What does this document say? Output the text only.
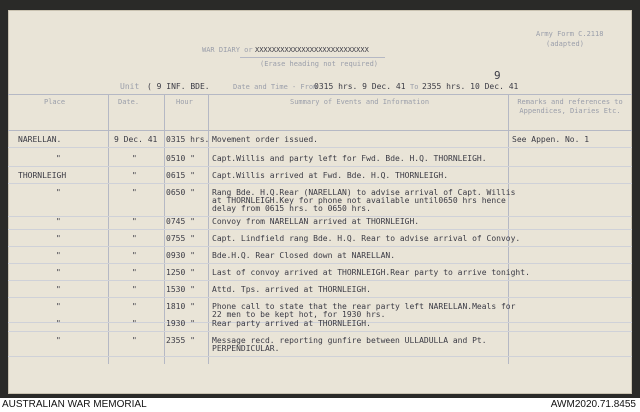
Army Form C.2118
(adapted)
WAR DIARY or XXXXXXXXXXXXXXXXXXXXXXXXXXX
(Erase heading not required)
Unit ( 9 INF. BDE.	Date and Time - From
0315 hrs. 9 Dec. 41 To 2355 hrs. 10 Dec. 41
9
Place	Date.	Hour	Summary of Events and Information	Remarks and references to Appendices, Diaries Etc.
NARELLAN.	9 Dec. 41 0315 hrs. Movement order issued.	See Appen. No. 1
"	"	0510 " Capt.Willis and party left for Fwd. Bde. H.Q. THORNLEIGH.
THORNLEIGH	"	0615 " Capt.Willis arrived at Fwd. Bde. H.Q. THORNLEIGH.
"	"	0650 " Rang Bde. H.Q.Rear (NARELLAN) to advise arrival of Capt. Willis
at THORNLEIGH.Key for phone not available until0650 hrs hence
delay from 0615 hrs. to 0650 hrs.
"	"	0745 " Convoy from NARELLAN arrived at THORNLEIGH.
"	"	0755 " Capt. Lindfield rang Bde. H.Q. Rear to advise arrival of Convoy.
"	"	0930 " Bde.H.Q. Rear Closed down at NARELLAN.
"	"	1250 " Last of convoy arrived at THORNLEIGH.Rear party to arrive tonight.
"	"	1530 " Attd. Tps. arrived at THORNLEIGH.
"	"	1810 " Phone call to state that the rear party left NARELLAN.Meals for
22 men to be kept hot, for 1930 hrs.
"	"	1930 " Rear party arrived at THORNLEIGH.
"	"	2355 " Message recd. reporting gunfire between ULLADULLA and Pt.
PERPENDICULAR.
AUSTRALIAN WAR MEMORIAL	AWM2020.71.8455
